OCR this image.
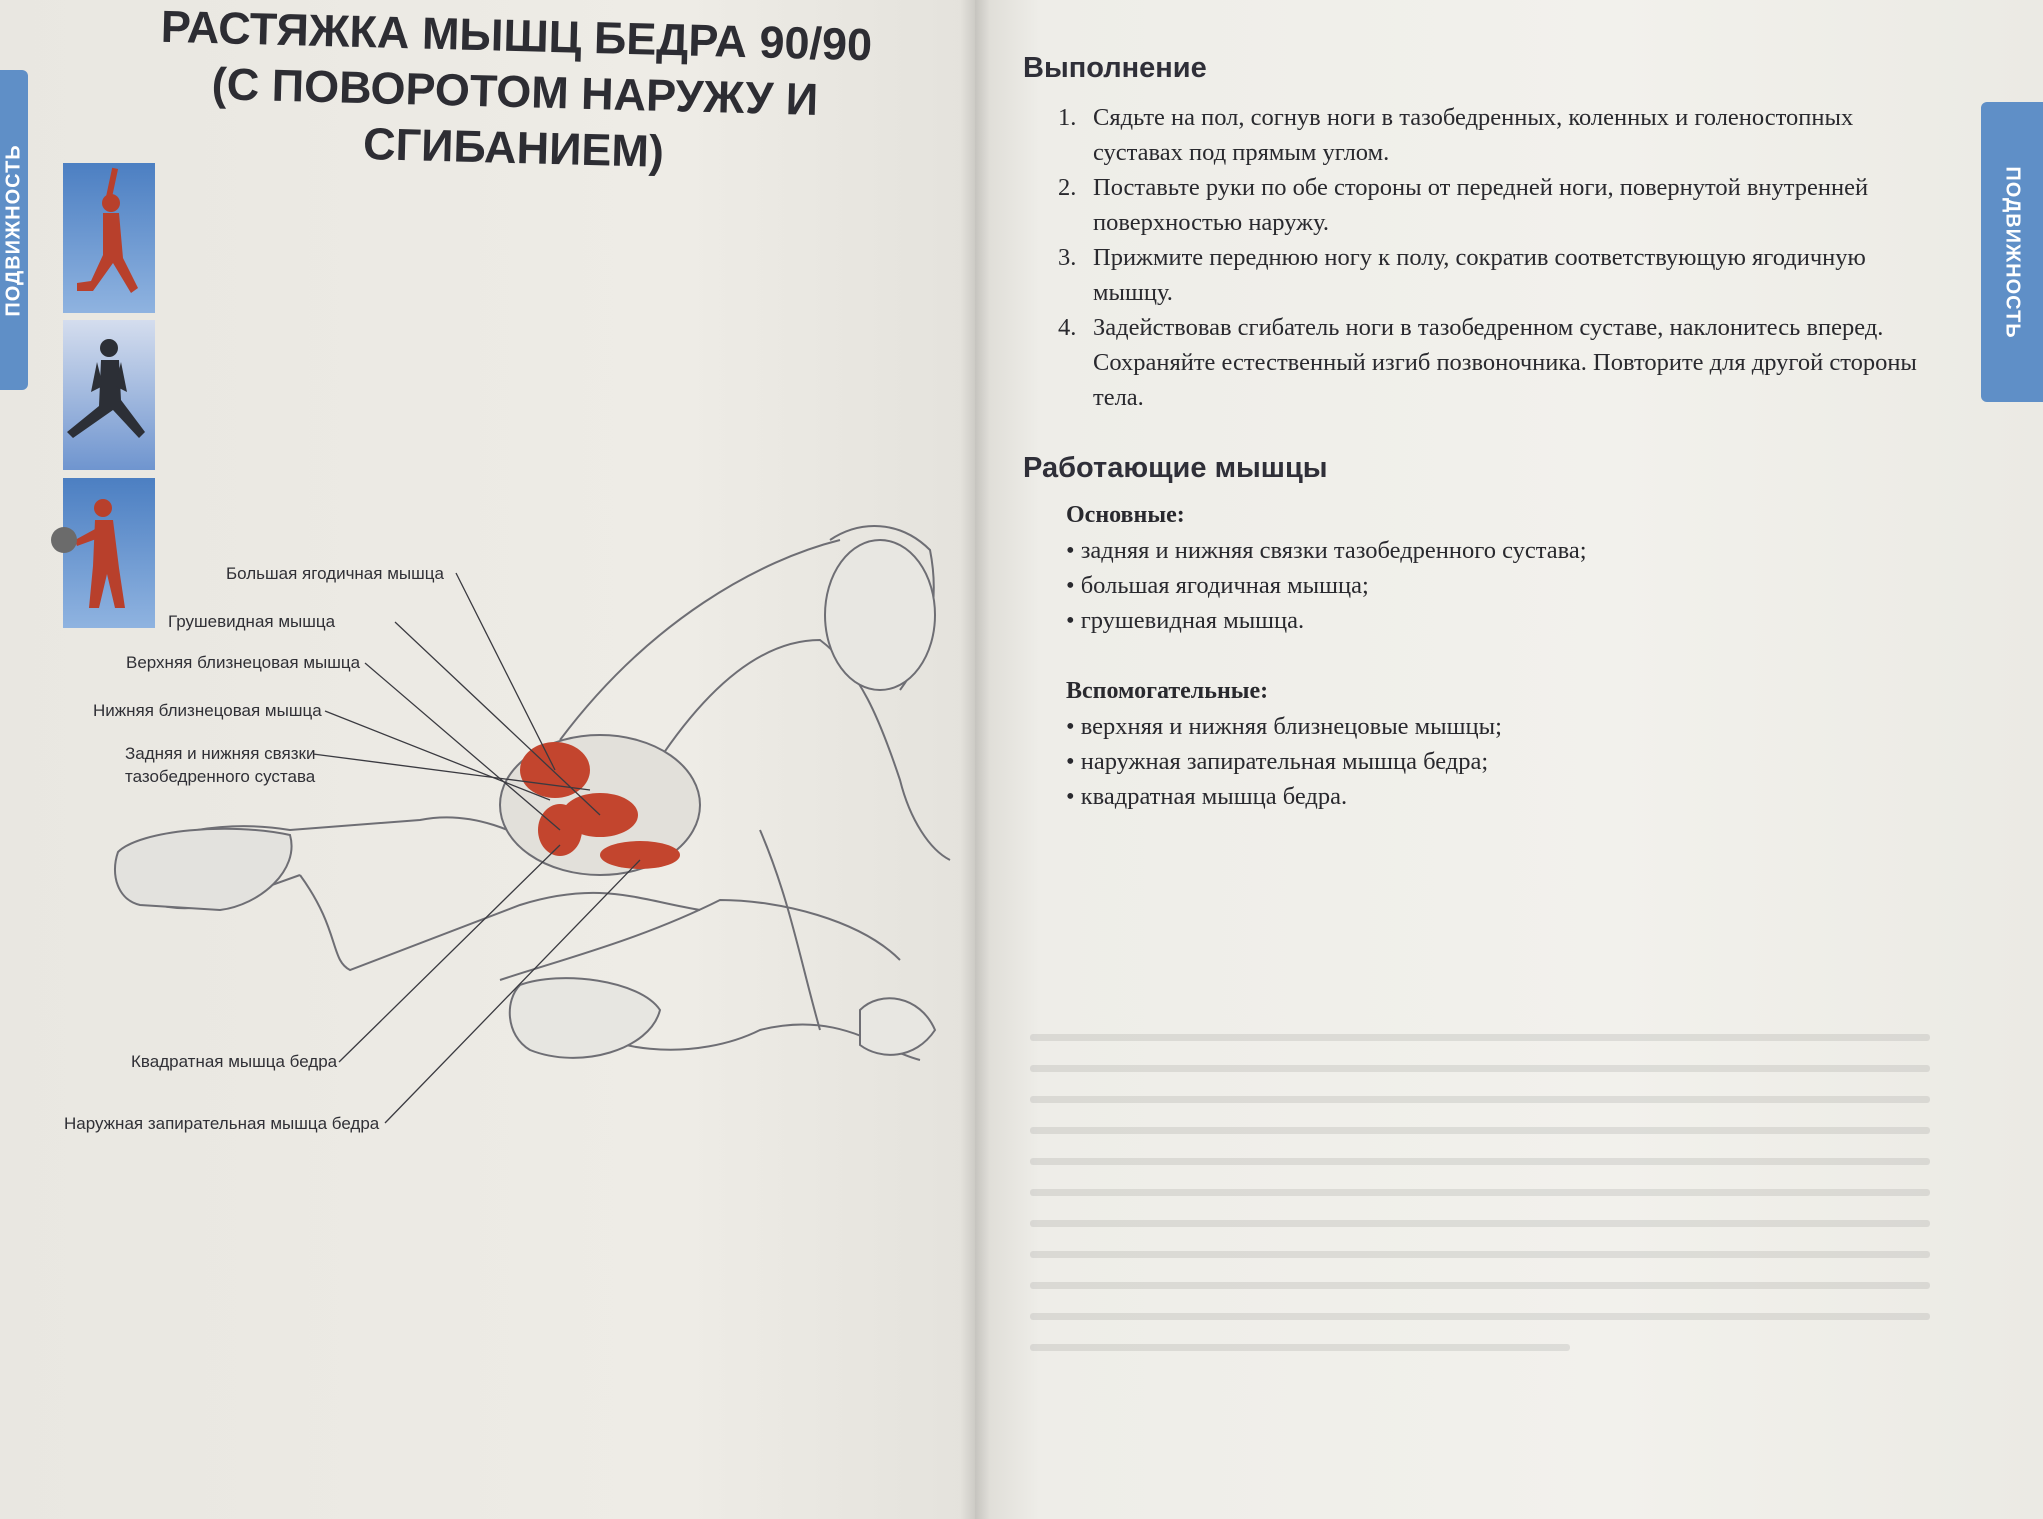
ПОДВИЖНОСТЬ
РАСТЯЖКА МЫШЦ БЕДРА 90/90
(С ПОВОРОТОМ НАРУЖУ И СГИБАНИЕМ)
Большая ягодичная мышца
Грушевидная мышца
Верхняя близнецовая мышца
Нижняя близнецовая мышца
Задняя и нижняя связки
тазобедренного сустава
Квадратная мышца бедра
Наружная запирательная мышца бедра
ПОДВИЖНОСТЬ
Выполнение
1. Сядьте на пол, согнув ноги в тазобедренных, коленных и голеностопных суставах под прямым углом.
2. Поставьте руки по обе стороны от передней ноги, повернутой внутренней поверхностью наружу.
3. Прижмите переднюю ногу к полу, сократив соответствующую ягодичную мышцу.
4. Задействовав сгибатель ноги в тазобедренном суставе, наклонитесь вперед. Сохраняйте естественный изгиб позвоночника. Повторите для другой стороны тела.
Работающие мышцы
Основные:
• задняя и нижняя связки тазобедренного сустава;
• большая ягодичная мышца;
• грушевидная мышца.
Вспомогательные:
• верхняя и нижняя близнецовые мышцы;
• наружная запирательная мышца бедра;
• квадратная мышца бедра.
